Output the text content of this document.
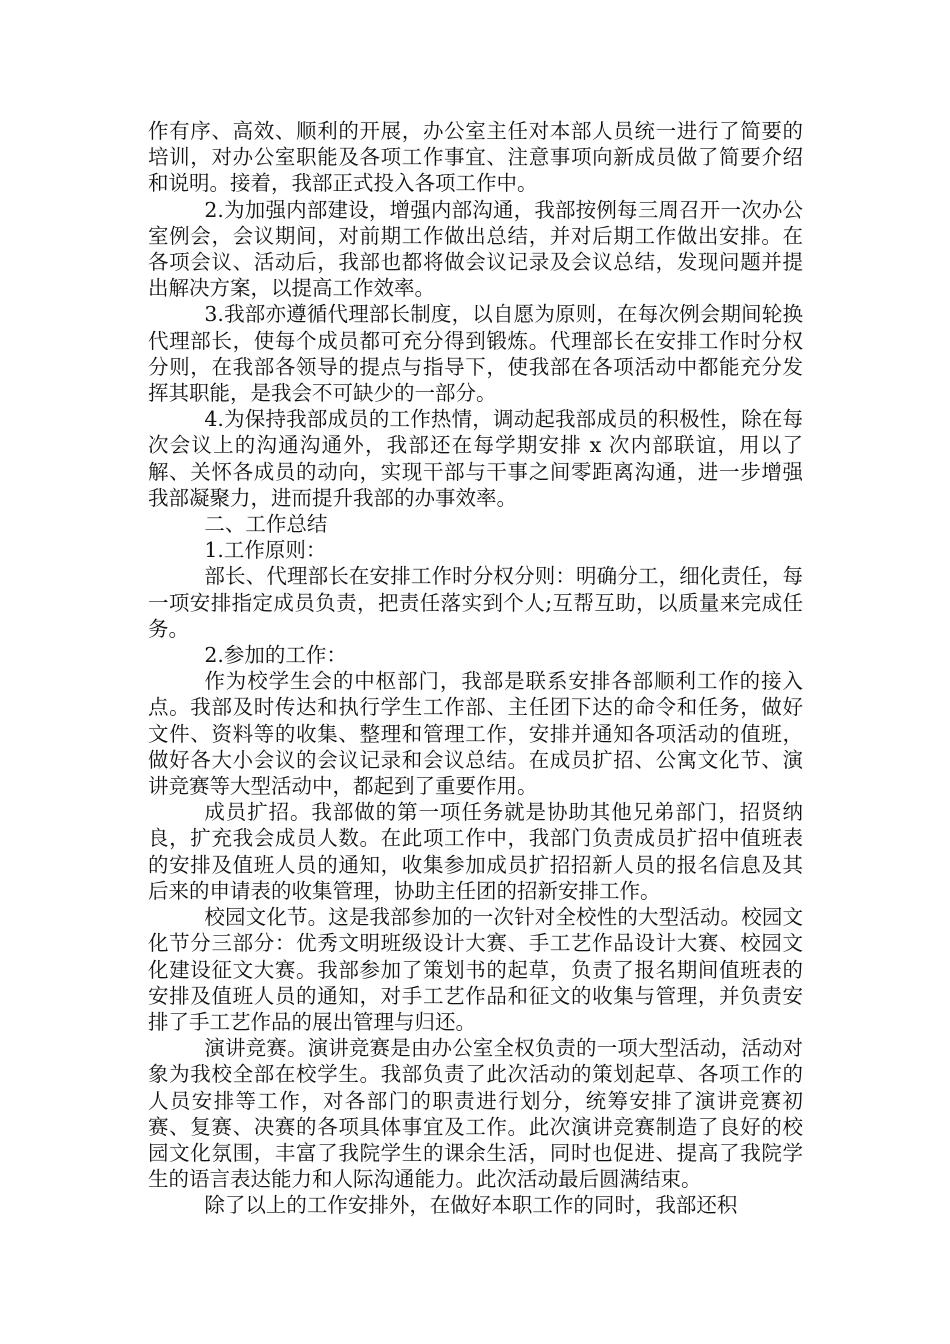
作有序、高效、顺利的开展，办公室主任对本部人员统一进行了简要的培训，对办公室职能及各项工作事宜、注意事项向新成员做了简要介绍和说明。接着，我部正式投入各项工作中。

2.为加强内部建设，增强内部沟通，我部按例每三周召开一次办公室例会，会议期间，对前期工作做出总结，并对后期工作做出安排。在各项会议、活动后，我部也都将做会议记录及会议总结，发现问题并提出解决方案，以提高工作效率。

3.我部亦遵循代理部长制度，以自愿为原则，在每次例会期间轮换代理部长，使每个成员都可充分得到锻炼。代理部长在安排工作时分权分则，在我部各领导的提点与指导下，使我部在各项活动中都能充分发挥其职能，是我会不可缺少的一部分。

4.为保持我部成员的工作热情，调动起我部成员的积极性，除在每次会议上的沟通沟通外，我部还在每学期安排 x 次内部联谊，用以了解、关怀各成员的动向，实现干部与干事之间零距离沟通，进一步增强我部凝聚力，进而提升我部的办事效率。

二、工作总结

1.工作原则：

部长、代理部长在安排工作时分权分则：明确分工，细化责任，每一项安排指定成员负责，把责任落实到个人;互帮互助，以质量来完成任务。

2.参加的工作：

作为校学生会的中枢部门，我部是联系安排各部顺利工作的接入点。我部及时传达和执行学生工作部、主任团下达的命令和任务，做好文件、资料等的收集、整理和管理工作，安排并通知各项活动的值班，做好各大小会议的会议记录和会议总结。在成员扩招、公寓文化节、演讲竞赛等大型活动中，都起到了重要作用。

成员扩招。我部做的第一项任务就是协助其他兄弟部门，招贤纳良，扩充我会成员人数。在此项工作中，我部门负责成员扩招中值班表的安排及值班人员的通知，收集参加成员扩招招新人员的报名信息及其后来的申请表的收集管理，协助主任团的招新安排工作。

校园文化节。这是我部参加的一次针对全校性的大型活动。校园文化节分三部分：优秀文明班级设计大赛、手工艺作品设计大赛、校园文化建设征文大赛。我部参加了策划书的起草，负责了报名期间值班表的安排及值班人员的通知，对手工艺作品和征文的收集与管理，并负责安排了手工艺作品的展出管理与归还。

演讲竞赛。演讲竞赛是由办公室全权负责的一项大型活动，活动对象为我校全部在校学生。我部负责了此次活动的策划起草、各项工作的人员安排等工作，对各部门的职责进行划分，统筹安排了演讲竞赛初赛、复赛、决赛的各项具体事宜及工作。此次演讲竞赛制造了良好的校园文化氛围，丰富了我院学生的课余生活，同时也促进、提高了我院学生的语言表达能力和人际沟通能力。此次活动最后圆满结束。

除了以上的工作安排外，在做好本职工作的同时，我部还积
